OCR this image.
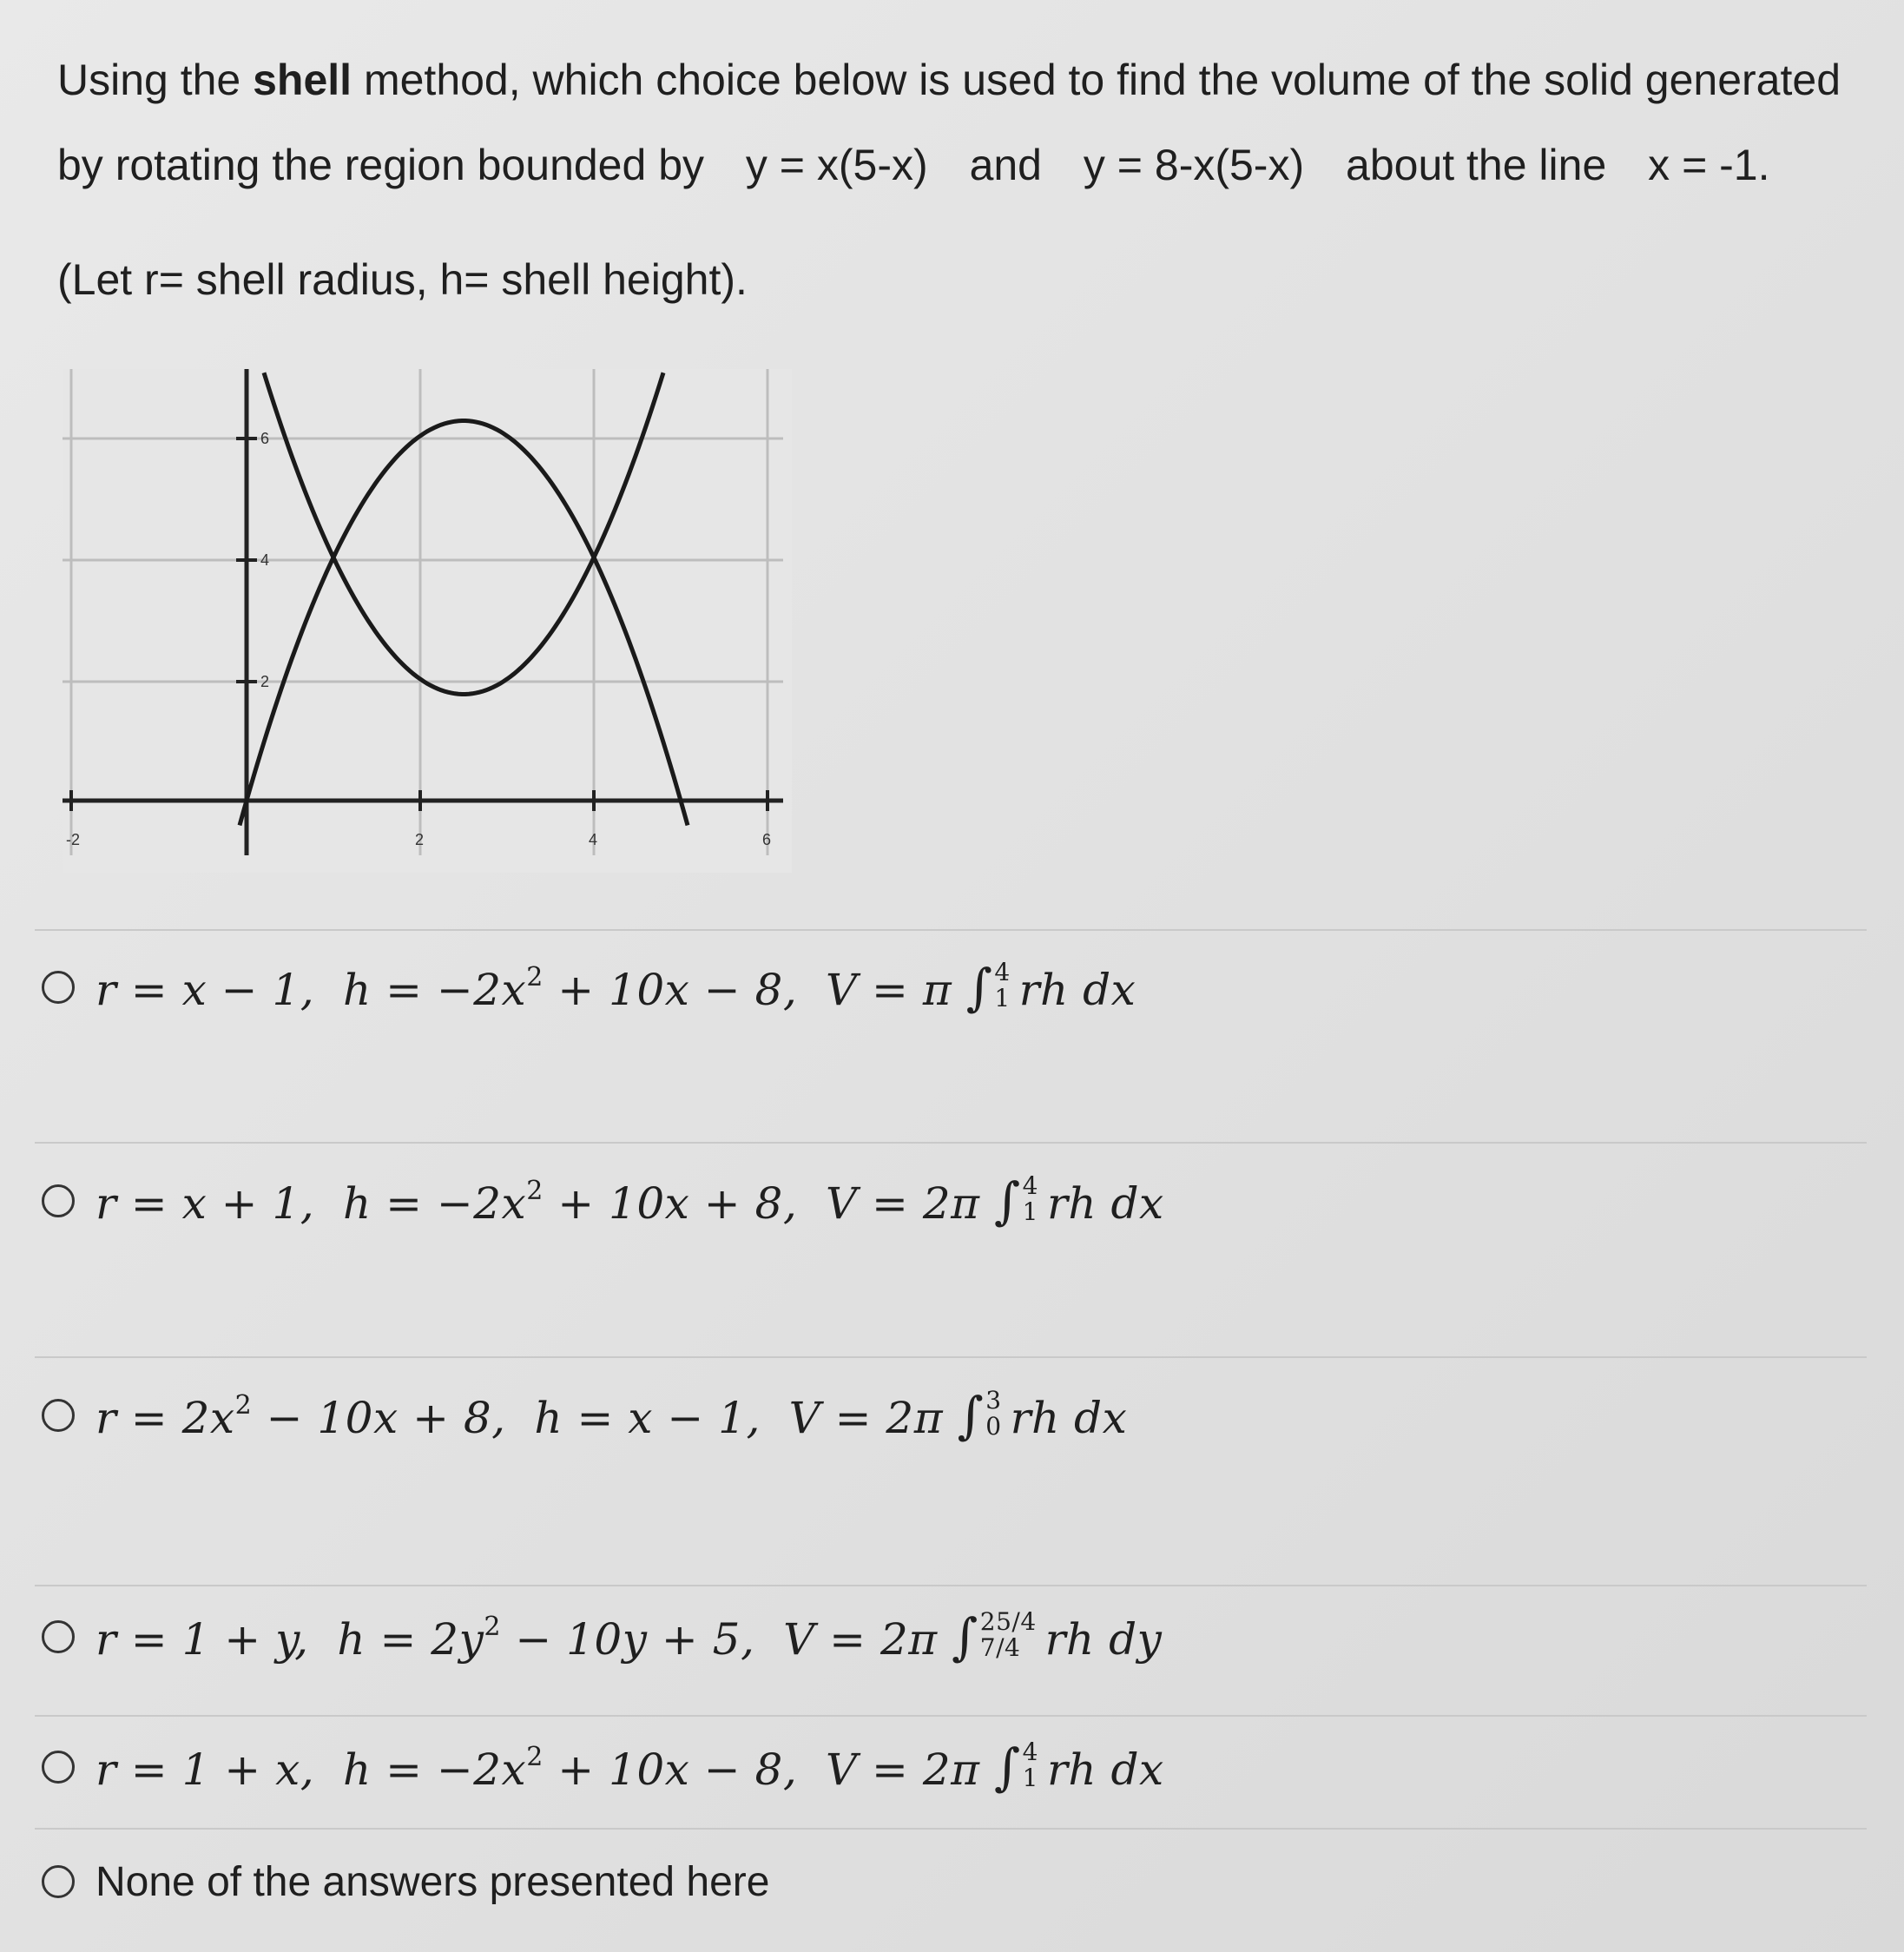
Using the shell method, which choice below is used to find the volume of the solid generated
by rotating the region bounded by y = x(5-x) and y = 8-x(5-x) about the line x = -1.
(Let r= shell radius, h= shell height).
-2	2	4	6
2
4
6
r = x − 1, $h = -2x^2 + 10x - 8$, V = π ∫ 4
1 rh dx
r = x + 1, $h = -2x^2 + 10x + 8$, V = 2π ∫ 4
1 rh dx
$r = 2x^2 - 10x + 8$, h = x − 1, V = 2π ∫ 3
0 rh dx
r = 1 + y, $h = 2y^2 - 10y + 5$, V = 2π ∫ 25/4
7/4 rh dy
r = 1 + x, $h = -2x^2 + 10x - 8$, V = 2π ∫ 4
1 rh dx
None of the answers presented here
